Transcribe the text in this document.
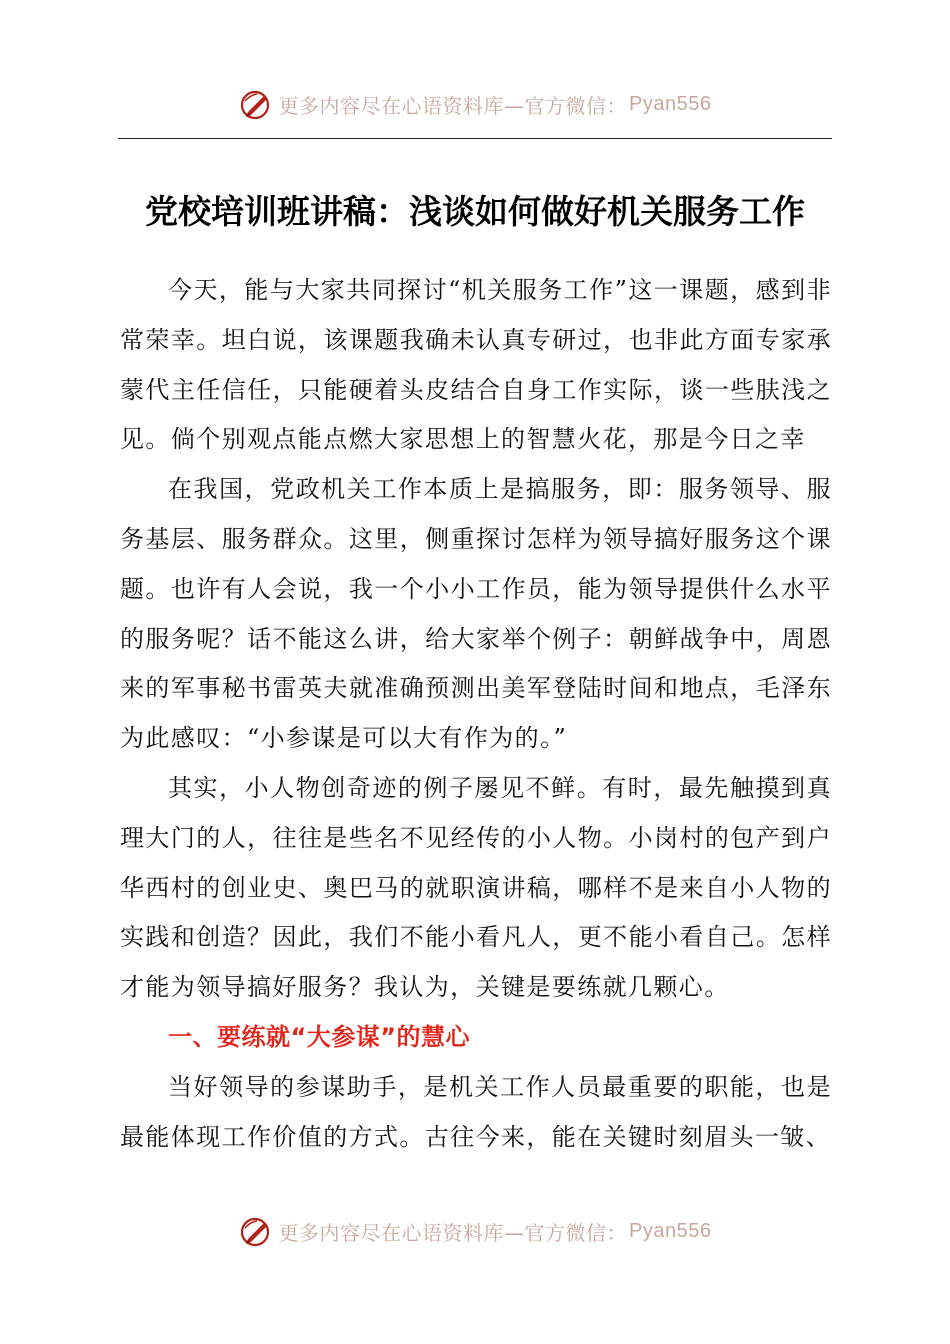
更多内容尽在心语资料库—官方微信： Pyan556
党校培训班讲稿：浅谈如何做好机关服务工作

今天，能与大家共同探讨“机关服务工作”这一课题，感到非常荣幸。坦白说，该课题我确未认真专研过，也非此方面专家承蒙代主任信任，只能硬着头皮结合自身工作实际，谈一些肤浅之见。倘个别观点能点燃大家思想上的智慧火花，那是今日之幸

在我国，党政机关工作本质上是搞服务，即：服务领导、服务基层、服务群众。这里，侧重探讨怎样为领导搞好服务这个课题。也许有人会说，我一个小小工作员，能为领导提供什么水平的服务呢？话不能这么讲，给大家举个例子：朝鲜战争中，周恩来的军事秘书雷英夫就准确预测出美军登陆时间和地点，毛泽东为此感叹：“小参谋是可以大有作为的。”

其实，小人物创奇迹的例子屡见不鲜。有时，最先触摸到真理大门的人，往往是些名不见经传的小人物。小岗村的包产到户华西村的创业史、奥巴马的就职演讲稿，哪样不是来自小人物的实践和创造？因此，我们不能小看凡人，更不能小看自己。怎样才能为领导搞好服务？我认为，关键是要练就几颗心。

一、要练就“大参谋”的慧心

当好领导的参谋助手，是机关工作人员最重要的职能，也是最能体现工作价值的方式。古往今来，能在关键时刻眉头一皱、

更多内容尽在心语资料库—官方微信： Pyan556
